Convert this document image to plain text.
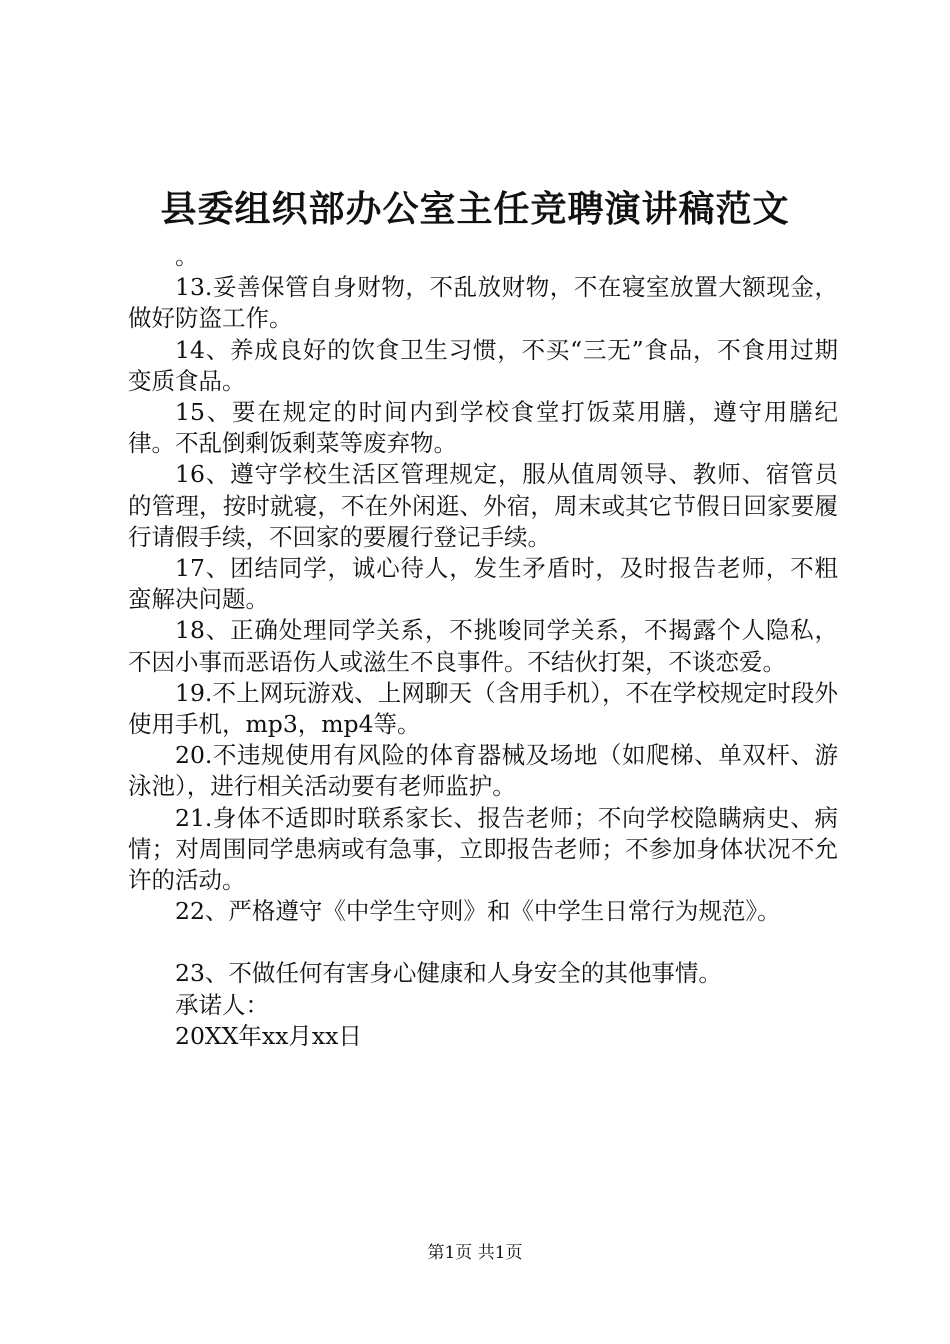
县委组织部办公室主任竞聘演讲稿范文

。

13.妥善保管自身财物，不乱放财物，不在寝室放置大额现金，做好防盗工作。

14、养成良好的饮食卫生习惯，不买“三无”食品，不食用过期变质食品。

15、要在规定的时间内到学校食堂打饭菜用膳，遵守用膳纪律。不乱倒剩饭剩菜等废弃物。

16、遵守学校生活区管理规定，服从值周领导、教师、宿管员的管理，按时就寝，不在外闲逛、外宿，周末或其它节假日回家要履行请假手续，不回家的要履行登记手续。

17、团结同学，诚心待人，发生矛盾时，及时报告老师，不粗蛮解决问题。

18、正确处理同学关系，不挑唆同学关系，不揭露个人隐私，不因小事而恶语伤人或滋生不良事件。不结伙打架，不谈恋爱。

19.不上网玩游戏、上网聊天（含用手机），不在学校规定时段外使用手机，mp3，mp4等。

20.不违规使用有风险的体育器械及场地（如爬梯、单双杆、游泳池），进行相关活动要有老师监护。

21.身体不适即时联系家长、报告老师；不向学校隐瞒病史、病情；对周围同学患病或有急事，立即报告老师；不参加身体状况不允许的活动。

22、严格遵守《中学生守则》和《中学生日常行为规范》。

23、不做任何有害身心健康和人身安全的其他事情。

承诺人：

20XX年xx月xx日

第1页 共1页
